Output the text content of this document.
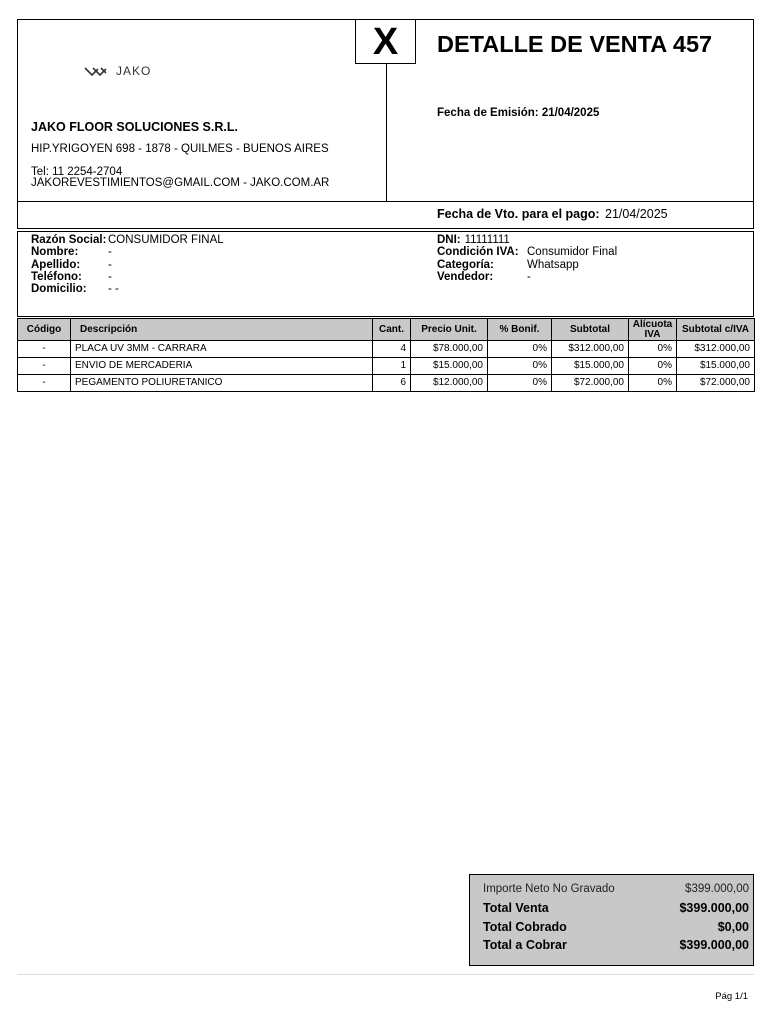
X
JAKO
JAKO FLOOR SOLUCIONES S.R.L.
HIP.YRIGOYEN 698 - 1878 - QUILMES - BUENOS AIRES
Tel: 11 2254-2704
JAKOREVESTIMIENTOS@GMAIL.COM - JAKO.COM.AR
DETALLE DE VENTA 457
Fecha de Emisión: 21/04/2025
Fecha de Vto. para el pago: 21/04/2025
Razón Social: CONSUMIDOR FINAL
Nombre:	-
Apellido:	-
Teléfono:	-
Domicilio:	- -
DNI: 11111111
Condición IVA: Consumidor Final
Categoría:	Whatsapp
Vendedor:	-
Código	Descripción	Cant.	Precio Unit.	% Bonif.	Subtotal	Alícuota IVA	Subtotal c/IVA
-	PLACA UV 3MM - CARRARA	4	$78.000,00	0%	$312.000,00	0%	$312.000,00
-	ENVIO DE MERCADERIA	1	$15.000,00	0%	$15.000,00	0%	$15.000,00
-	PEGAMENTO POLIURETANICO	6	$12.000,00	0%	$72.000,00	0%	$72.000,00
Importe Neto No Gravado	$399.000,00
Total Venta	$399.000,00
Total Cobrado	$0,00
Total a Cobrar	$399.000,00
Pág 1/1
